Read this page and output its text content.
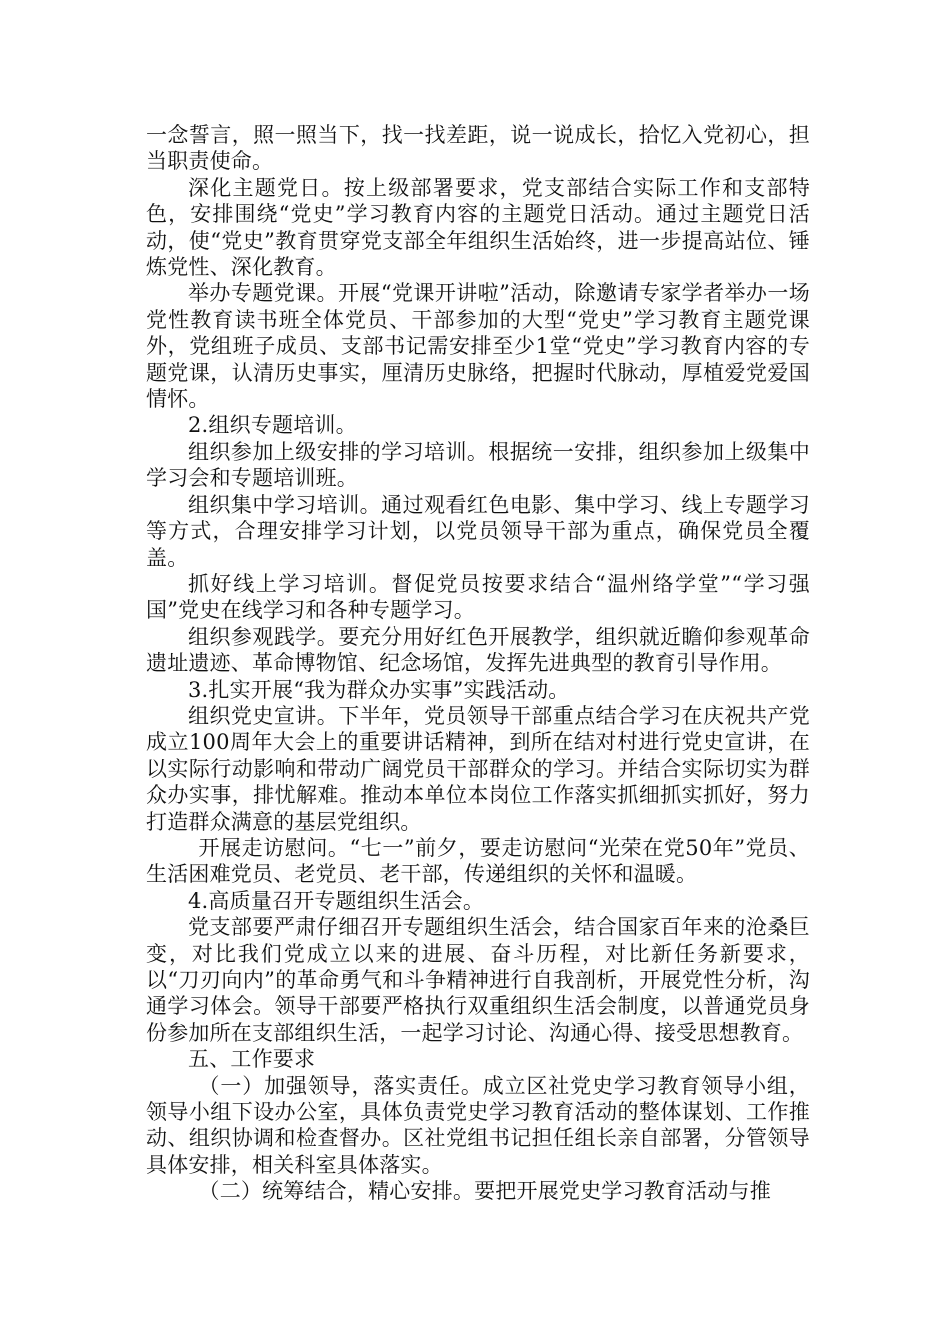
一念誓言，照一照当下，找一找差距，说一说成长，拾忆入党初心，担当职责使命。

深化主题党日。按上级部署要求，党支部结合实际工作和支部特色，安排围绕“党史”学习教育内容的主题党日活动。通过主题党日活动，使“党史”教育贯穿党支部全年组织生活始终，进一步提高站位、锤炼党性、深化教育。

举办专题党课。开展“党课开讲啦”活动，除邀请专家学者举办一场党性教育读书班全体党员、干部参加的大型“党史”学习教育主题党课外，党组班子成员、支部书记需安排至少1堂“党史”学习教育内容的专题党课，认清历史事实，厘清历史脉络，把握时代脉动，厚植爱党爱国情怀。

2.组织专题培训。

组织参加上级安排的学习培训。根据统一安排，组织参加上级集中学习会和专题培训班。

组织集中学习培训。通过观看红色电影、集中学习、线上专题学习等方式，合理安排学习计划，以党员领导干部为重点，确保党员全覆盖。

抓好线上学习培训。督促党员按要求结合“温州络学堂”“学习强国”党史在线学习和各种专题学习。

组织参观践学。要充分用好红色开展教学，组织就近瞻仰参观革命遗址遗迹、革命博物馆、纪念场馆，发挥先进典型的教育引导作用。

3.扎实开展“我为群众办实事”实践活动。

组织党史宣讲。下半年，党员领导干部重点结合学习在庆祝共产党成立100周年大会上的重要讲话精神，到所在结对村进行党史宣讲，在以实际行动影响和带动广阔党员干部群众的学习。并结合实际切实为群众办实事，排忧解难。推动本单位本岗位工作落实抓细抓实抓好，努力打造群众满意的基层党组织。

开展走访慰问。“七一”前夕，要走访慰问“光荣在党50年”党员、生活困难党员、老党员、老干部，传递组织的关怀和温暖。

4.高质量召开专题组织生活会。

党支部要严肃仔细召开专题组织生活会，结合国家百年来的沧桑巨变，对比我们党成立以来的进展、奋斗历程，对比新任务新要求，以“刀刃向内”的革命勇气和斗争精神进行自我剖析，开展党性分析，沟通学习体会。领导干部要严格执行双重组织生活会制度，以普通党员身份参加所在支部组织生活，一起学习讨论、沟通心得、接受思想教育。

五、工作要求

（一）加强领导，落实责任。成立区社党史学习教育领导小组，领导小组下设办公室，具体负责党史学习教育活动的整体谋划、工作推动、组织协调和检查督办。区社党组书记担任组长亲自部署，分管领导具体安排，相关科室具体落实。

（二）统筹结合，精心安排。要把开展党史学习教育活动与推
